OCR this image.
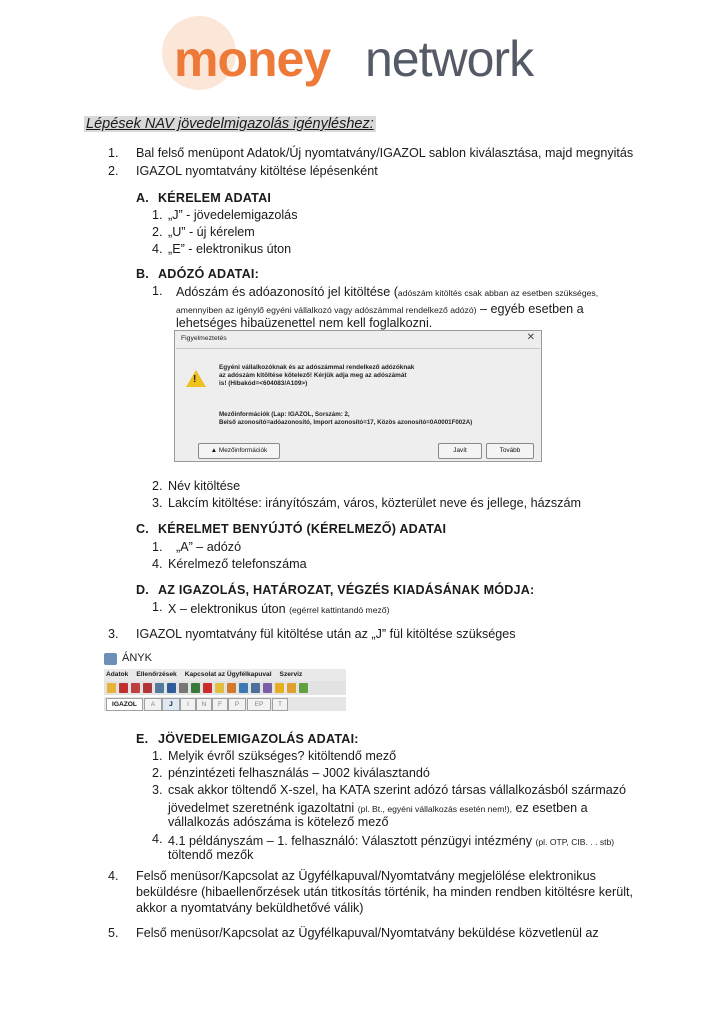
money network
Lépések NAV jövedelmigazolás igényléshez:
1. Bal felső menüpont Adatok/Új nyomtatvány/IGAZOL sablon kiválasztása, majd megnyitás
2. IGAZOL nyomtatvány kitöltése lépésenként
A. KÉRELEM ADATAI
1. „J” - jövedelemigazolás
2. „U” - új kérelem
4. „E” - elektronikus úton
B. ADÓZÓ ADATAI:
1. Adószám és adóazonosító jel kitöltése (adószám kitöltés csak abban az esetben szükséges,
amennyiben az igénylő egyéni vállalkozó vagy adószámmal rendelkező adózó) – egyéb esetben a
lehetséges hibaüzenettel nem kell foglalkozni.
Figyelmeztetés	✕
!
Egyéni vállalkozóknak és az adószámmal rendelkező adózóknak
az adószám kitöltése kötelező! Kérjük adja meg az adószámát
is! (Hibakód=<604083/A109>)
Mezőinformációk (Lap: IGAZOL, Sorszám: 2,
Belső azonosító=adóazonosító, Import azonosító=17, Közös azonosító=0A0001F002A)
▲ Mezőinformációk	Javít	Tovább
2. Név kitöltése
3. Lakcím kitöltése: irányítószám, város, közterület neve és jellege, házszám
C. KÉRELMET BENYÚJTÓ (KÉRELMEZŐ) ADATAI
1. „A” – adózó
4. Kérelmező telefonszáma
D. AZ IGAZOLÁS, HATÁROZAT, VÉGZÉS KIADÁSÁNAK MÓDJA:
1. X – elektronikus úton (egérrel kattintandó mező)
3. IGAZOL nyomtatvány fül kitöltése után az „J” fül kitöltése szükséges
ÁNYK
Adatok Ellenőrzések Kapcsolat az Ügyfélkapuval Szerviz
IGAZOL	A	J	I	N	F	P	EP	T
E. JÖVEDELEMIGAZOLÁS ADATAI:
1. Melyik évről szükséges? kitöltendő mező
2. pénzintézeti felhasználás – J002 kiválasztandó
3. csak akkor töltendő X-szel, ha KATA szerint adózó társas vállalkozásból származó
jövedelmet szeretnénk igazoltatni (pl. Bt., egyéni vállalkozás esetén nem!), ez esetben a
vállalkozás adószáma is kötelező mező
4. 4.1 példányszám – 1. felhasználó: Választott pénzügyi intézmény (pl. OTP, CIB. . . stb)
töltendő mezők
4. Felső menüsor/Kapcsolat az Ügyfélkapuval/Nyomtatvány megjelölése elektronikus
beküldésre (hibaellenőrzések után titkosítás történik, ha minden rendben kitöltésre került,
akkor a nyomtatvány beküldhetővé válik)
5. Felső menüsor/Kapcsolat az Ügyfélkapuval/Nyomtatvány beküldése közvetlenül az
